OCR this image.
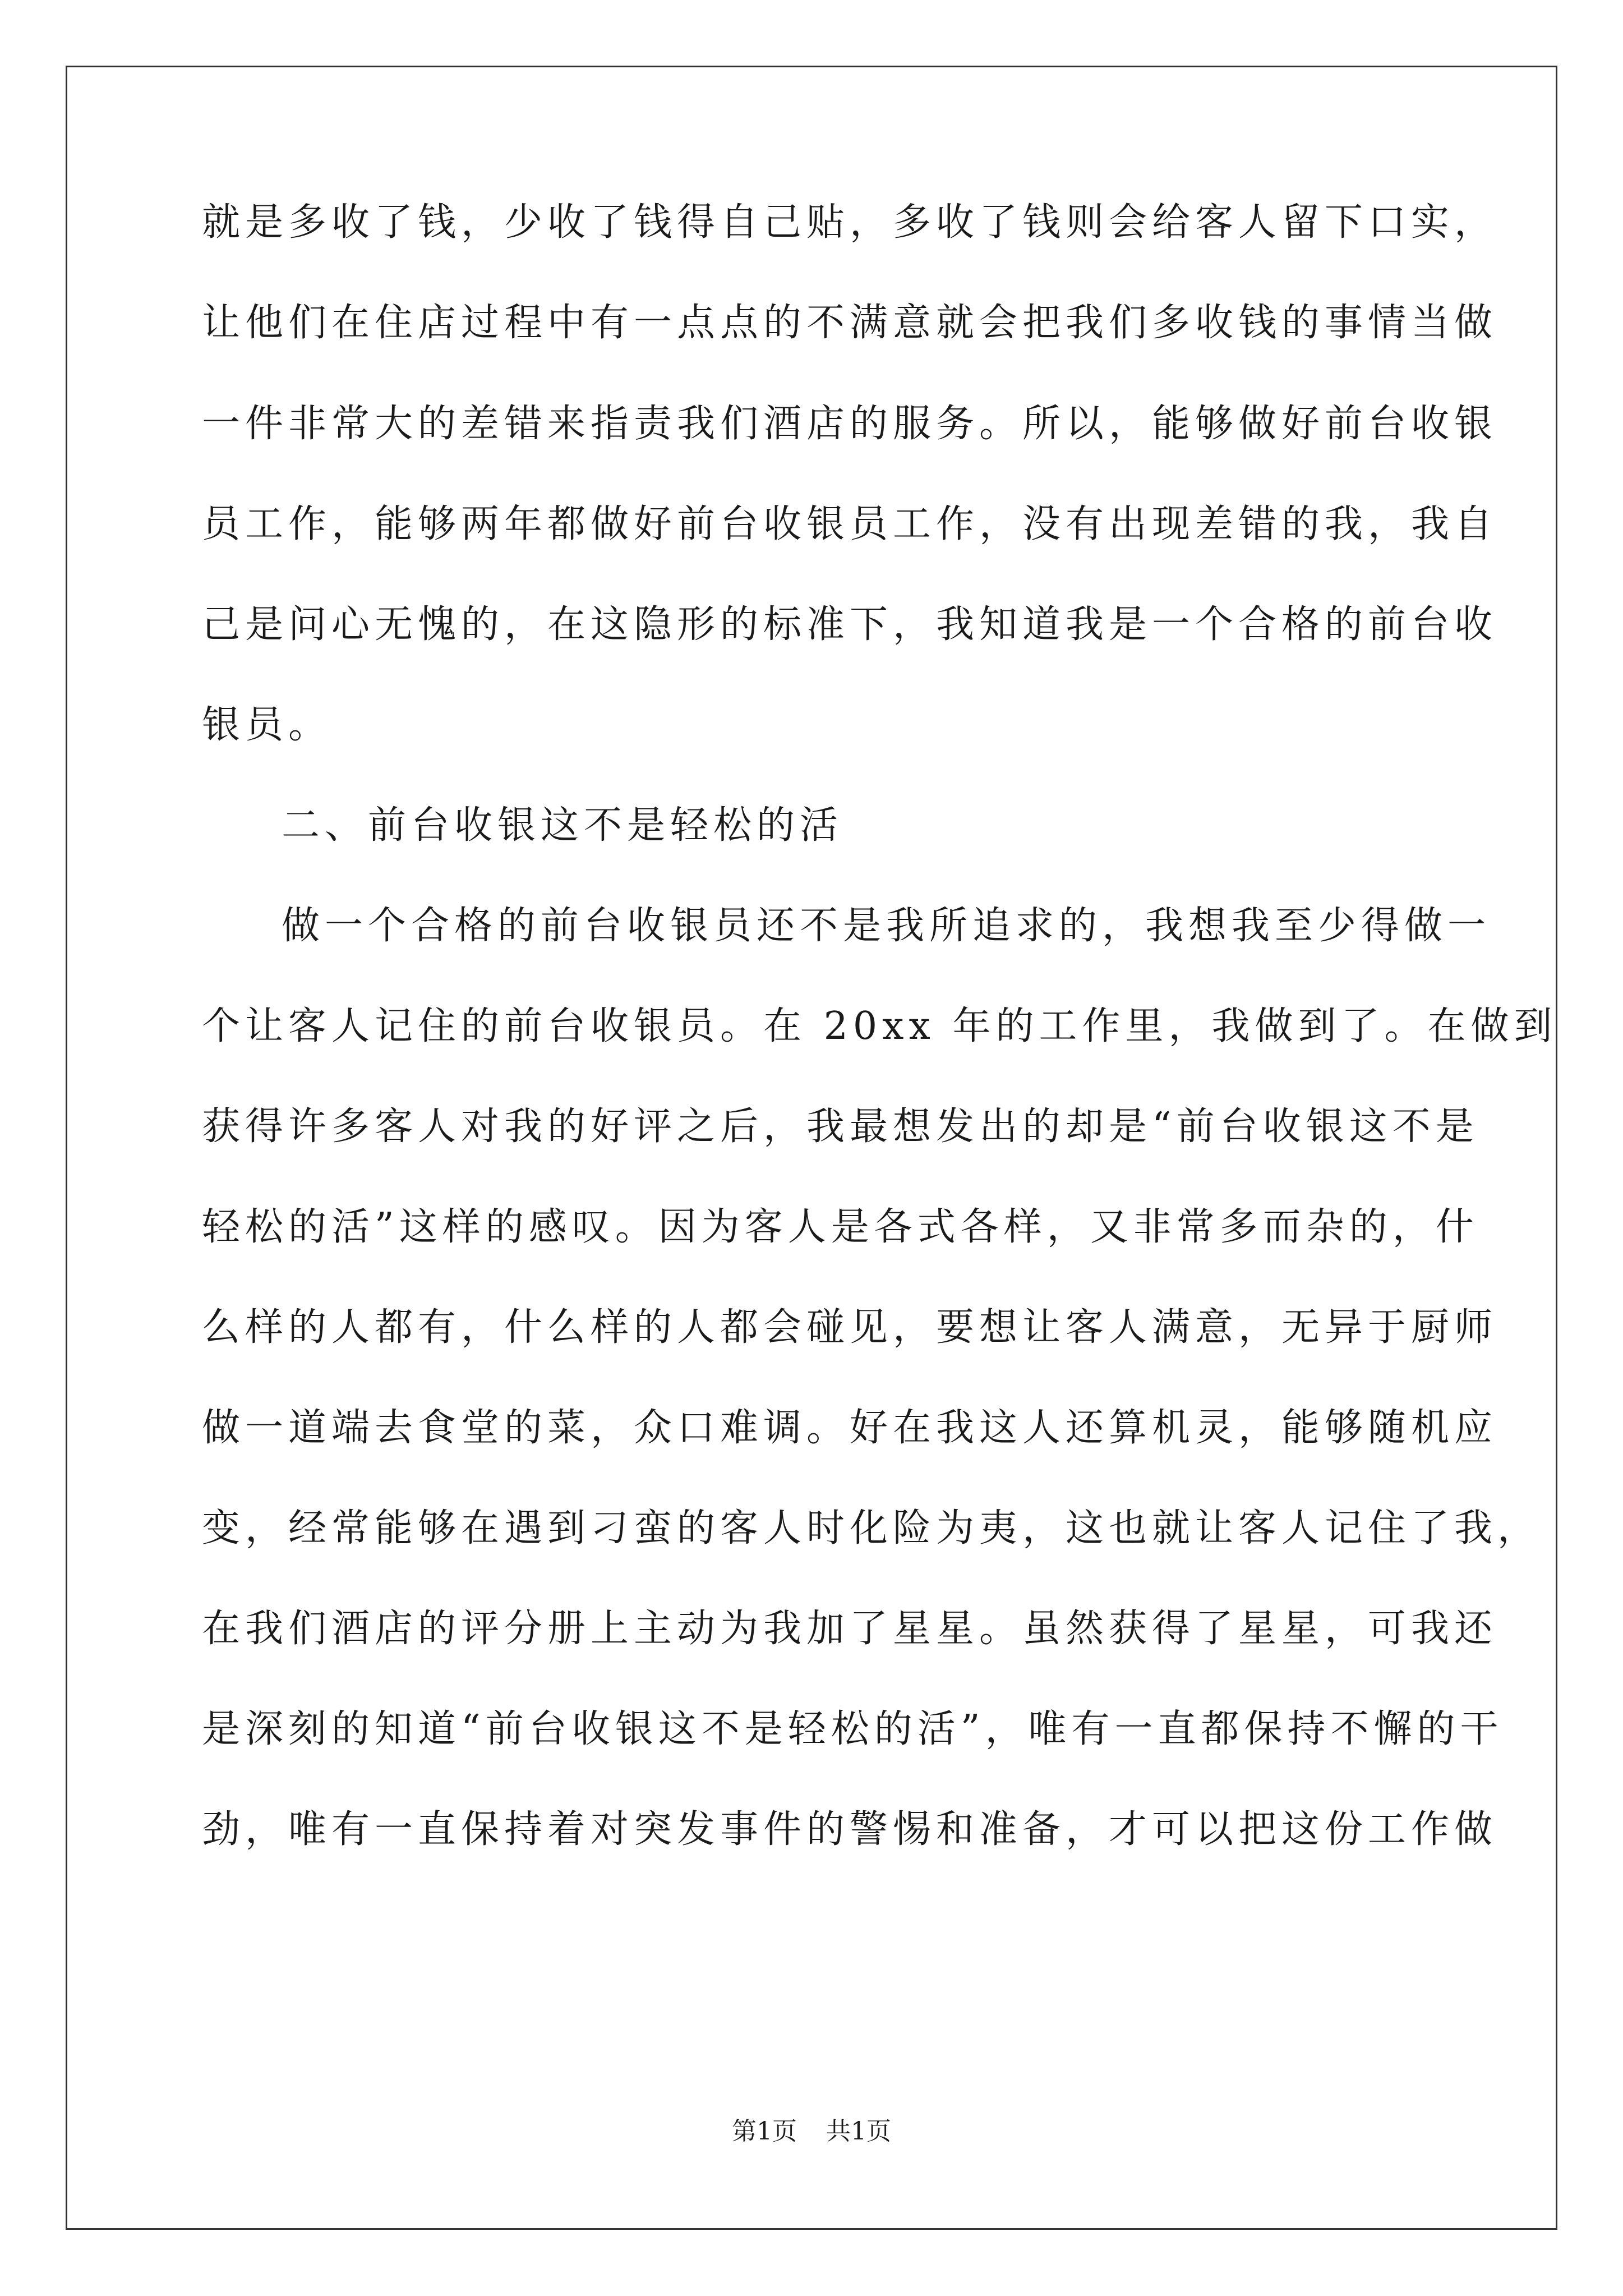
就是多收了钱，少收了钱得自己贴，多收了钱则会给客人留下口实，

让他们在住店过程中有一点点的不满意就会把我们多收钱的事情当做

一件非常大的差错来指责我们酒店的服务。所以，能够做好前台收银

员工作，能够两年都做好前台收银员工作，没有出现差错的我，我自

己是问心无愧的，在这隐形的标准下，我知道我是一个合格的前台收

银员。

二、前台收银这不是轻松的活

做一个合格的前台收银员还不是我所追求的，我想我至少得做一

个让客人记住的前台收银员。在 20xx 年的工作里，我做到了。在做到

获得许多客人对我的好评之后，我最想发出的却是“前台收银这不是

轻松的活”这样的感叹。因为客人是各式各样，又非常多而杂的，什

么样的人都有，什么样的人都会碰见，要想让客人满意，无异于厨师

做一道端去食堂的菜，众口难调。好在我这人还算机灵，能够随机应

变，经常能够在遇到刁蛮的客人时化险为夷，这也就让客人记住了我，

在我们酒店的评分册上主动为我加了星星。虽然获得了星星，可我还

是深刻的知道“前台收银这不是轻松的活”，唯有一直都保持不懈的干

劲，唯有一直保持着对突发事件的警惕和准备，才可以把这份工作做

第1页 共1页
